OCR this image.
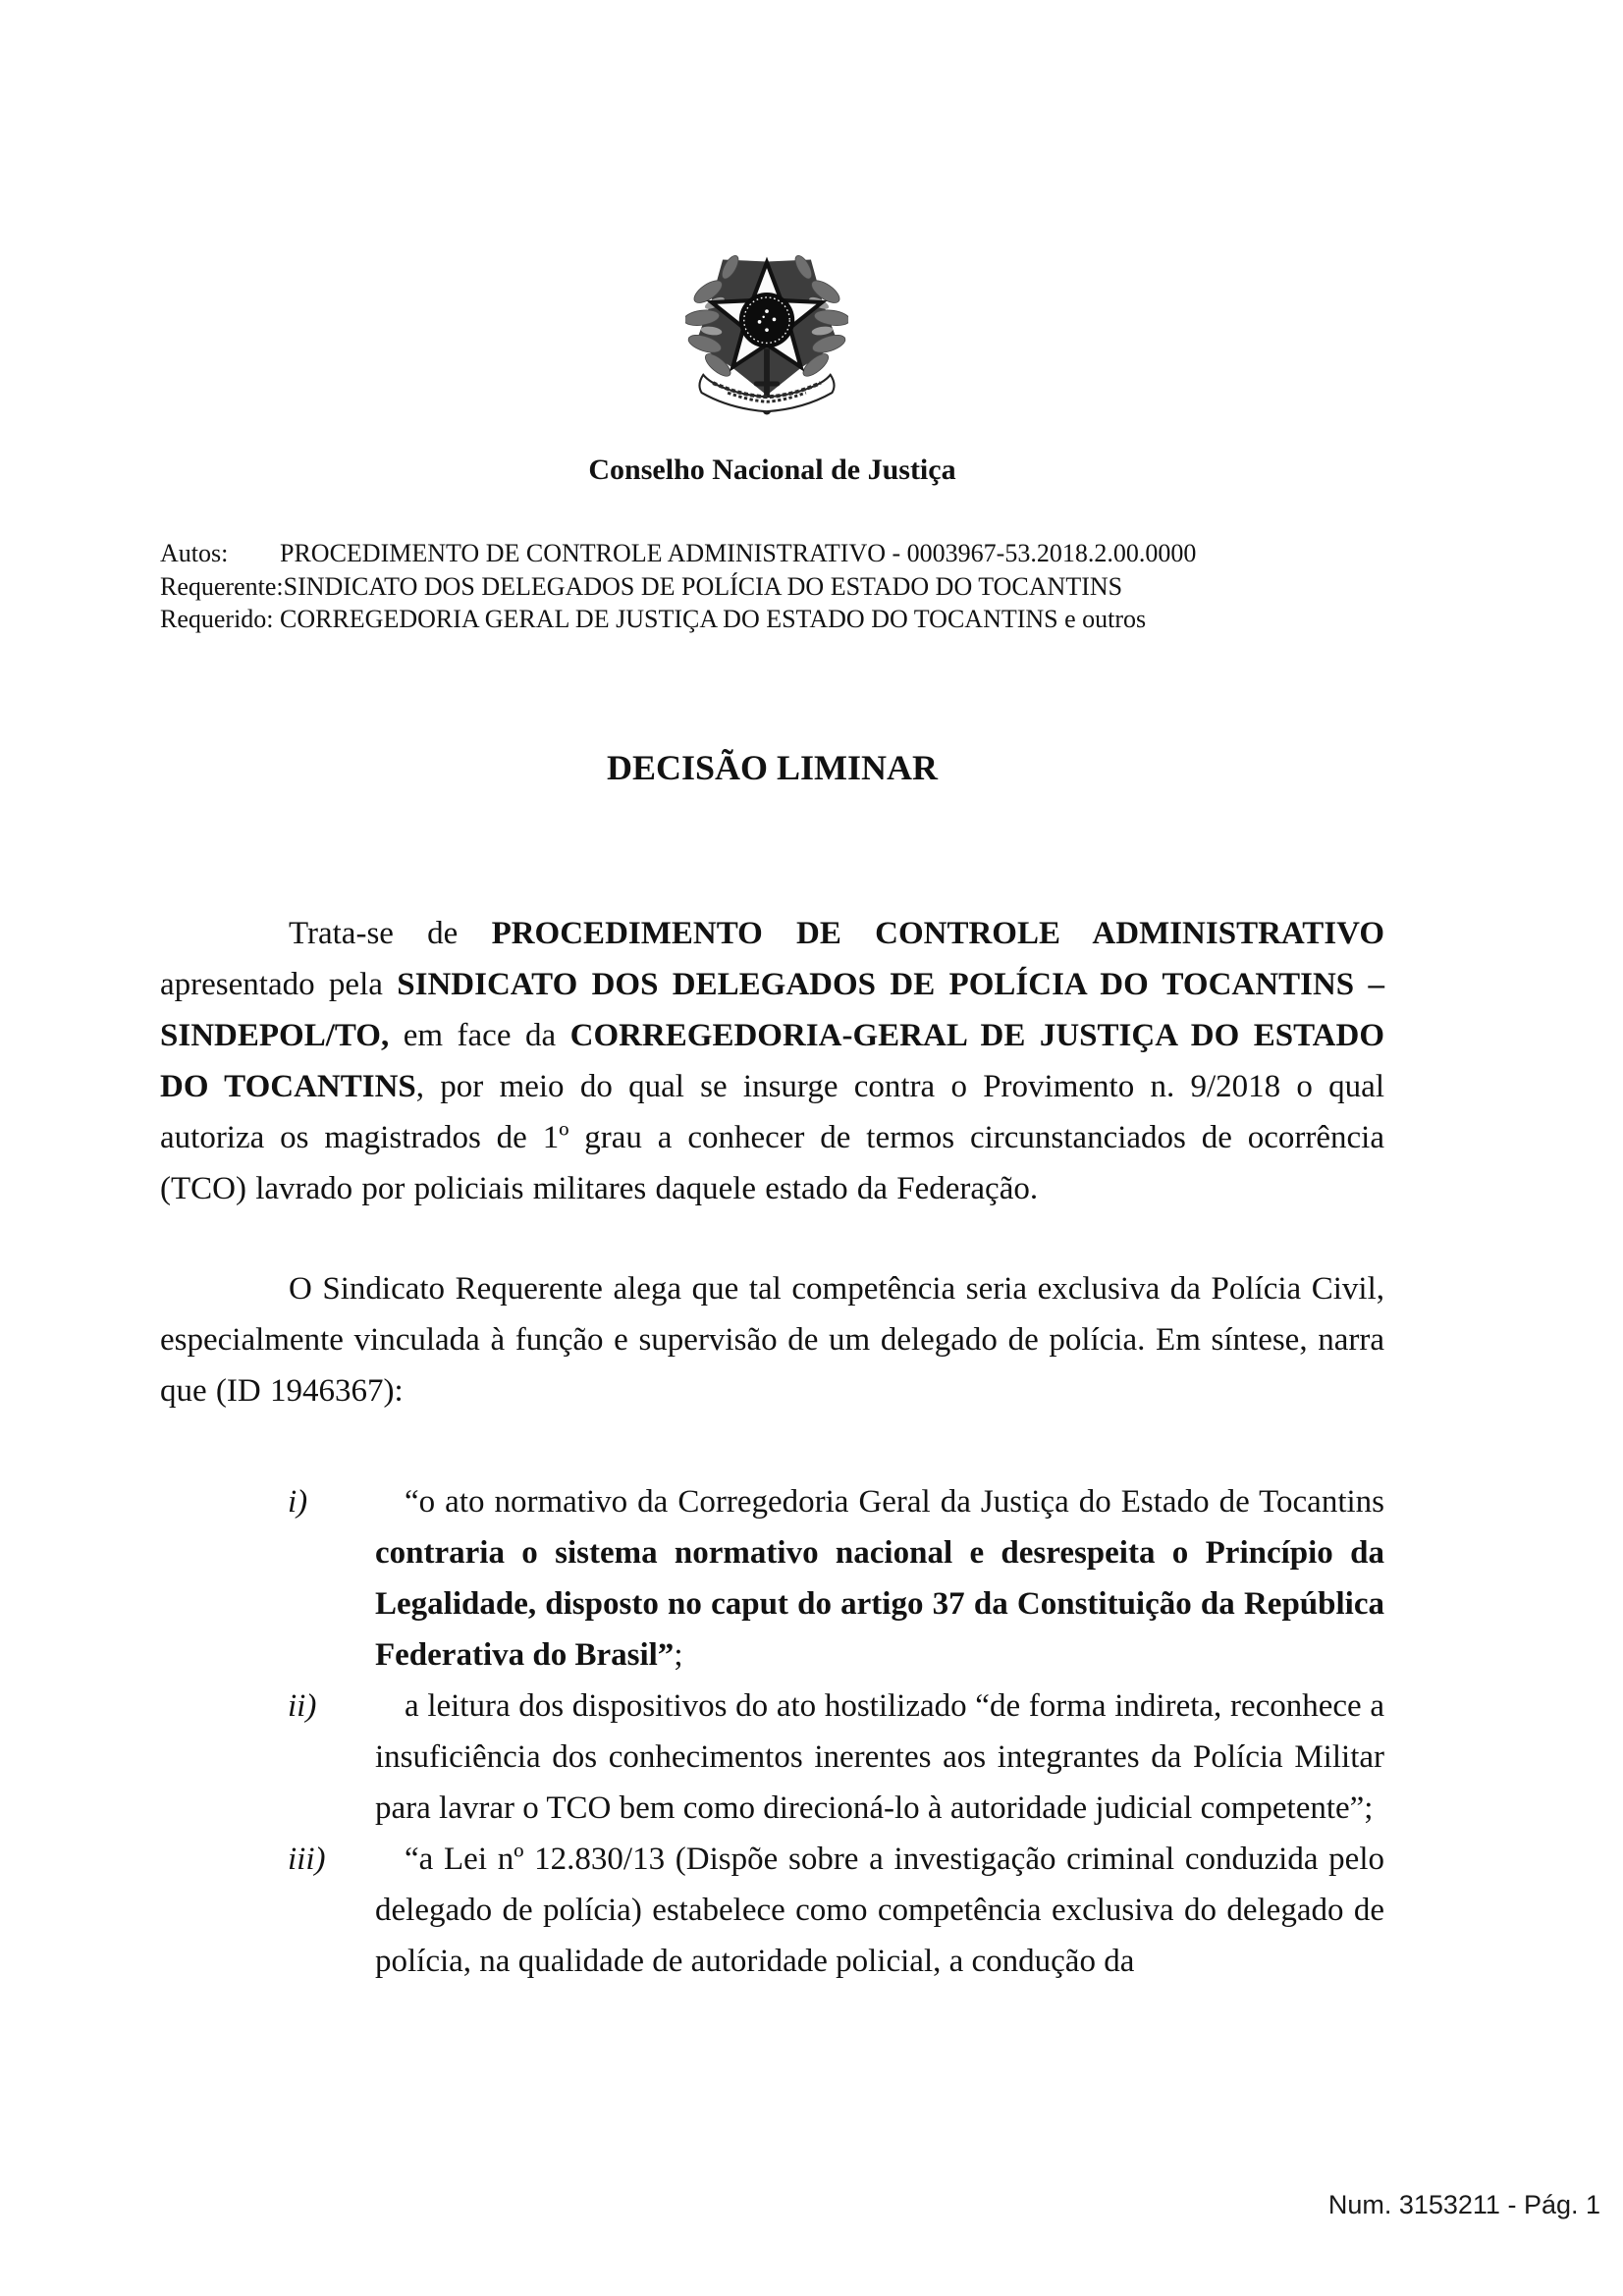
Conselho Nacional de Justiça
Autos:	PROCEDIMENTO DE CONTROLE ADMINISTRATIVO - 0003967-53.2018.2.00.0000
Requerente: SINDICATO DOS DELEGADOS DE POLÍCIA DO ESTADO DO TOCANTINS
Requerido: CORREGEDORIA GERAL DE JUSTIÇA DO ESTADO DO TOCANTINS e outros
DECISÃO LIMINAR

Trata-se de PROCEDIMENTO DE CONTROLE ADMINISTRATIVO apresentado pela SINDICATO DOS DELEGADOS DE POLÍCIA DO TOCANTINS – SINDEPOL/TO, em face da CORREGEDORIA-GERAL DE JUSTIÇA DO ESTADO DO TOCANTINS, por meio do qual se insurge contra o Provimento n. 9/2018 o qual autoriza os magistrados de 1º grau a conhecer de termos circunstanciados de ocorrência (TCO) lavrado por policiais militares daquele estado da Federação.

O Sindicato Requerente alega que tal competência seria exclusiva da Polícia Civil, especialmente vinculada à função e supervisão de um delegado de polícia. Em síntese, narra que (ID 1946367):

i)	“o ato normativo da Corregedoria Geral da Justiça do Estado de Tocantins contraria o sistema normativo nacional e desrespeita o Princípio da Legalidade, disposto no caput do artigo 37 da Constituição da República Federativa do Brasil”;

ii)	a leitura dos dispositivos do ato hostilizado “de forma indireta, reconhece a insuficiência dos conhecimentos inerentes aos integrantes da Polícia Militar para lavrar o TCO bem como direcioná-lo à autoridade judicial competente”;

iii)	“a Lei nº 12.830/13 (Dispõe sobre a investigação criminal conduzida pelo delegado de polícia) estabelece como competência exclusiva do delegado de polícia, na qualidade de autoridade policial, a condução da

Num. 3153211 - Pág. 1
